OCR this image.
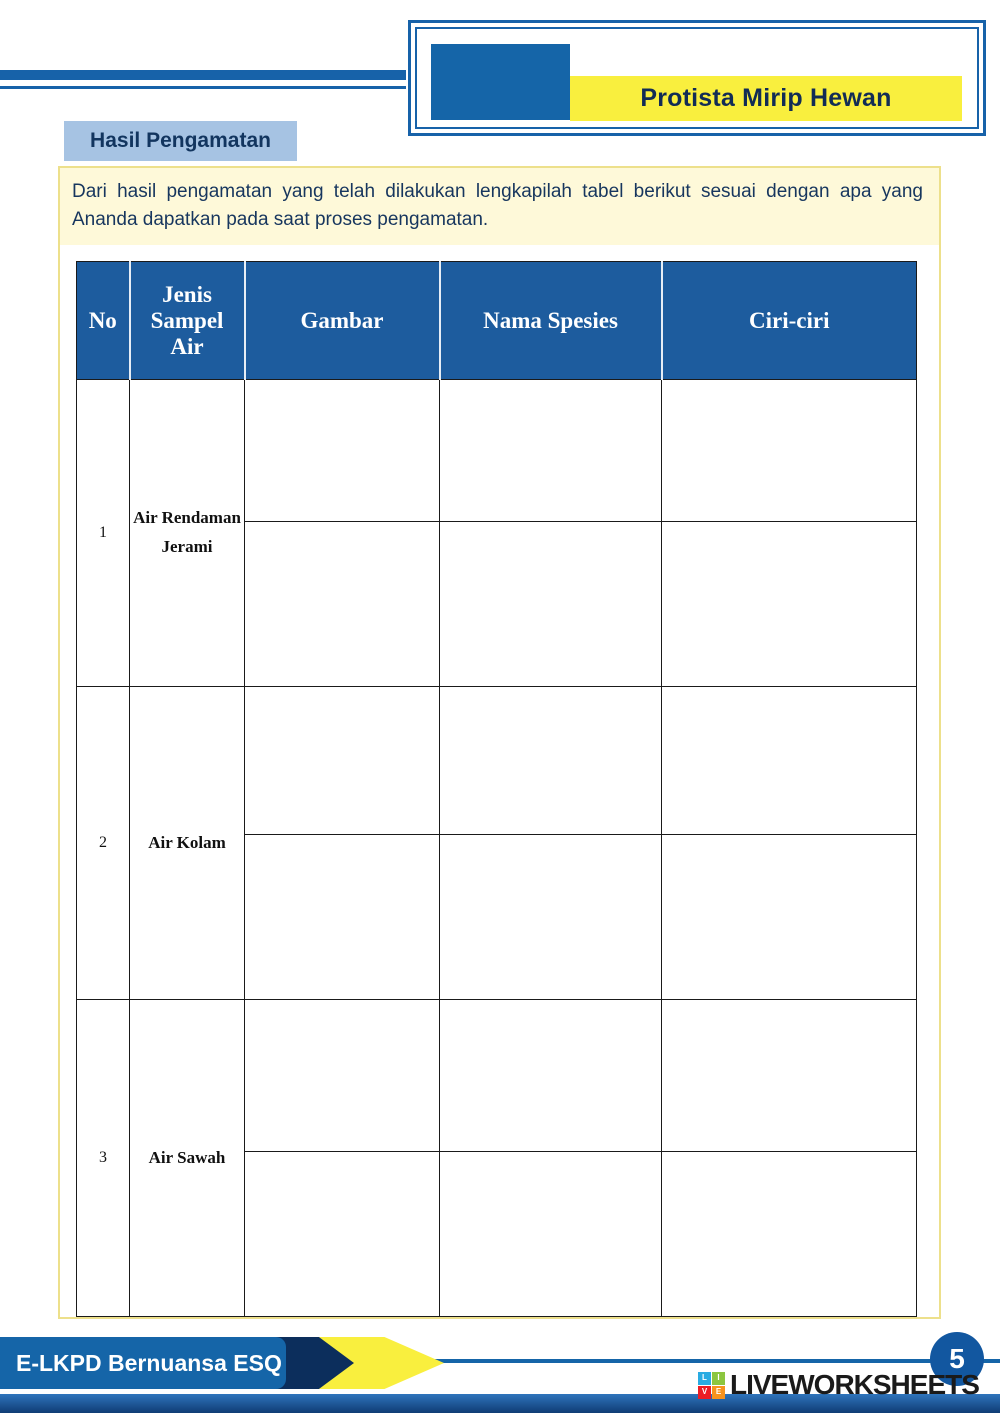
Protista Mirip Hewan
Hasil Pengamatan
Dari hasil pengamatan yang telah dilakukan lengkapilah tabel berikut sesuai dengan apa yang Ananda dapatkan pada saat proses pengamatan.
No	Jenis Sampel Air	Gambar	Nama Spesies	Ciri-ciri
1	Air Rendaman Jerami			

2	Air Kolam			

3	Air Sawah			

E-LKPD Bernuansa ESQ	5
L	I
V	E LIVEWORKSHEETS
